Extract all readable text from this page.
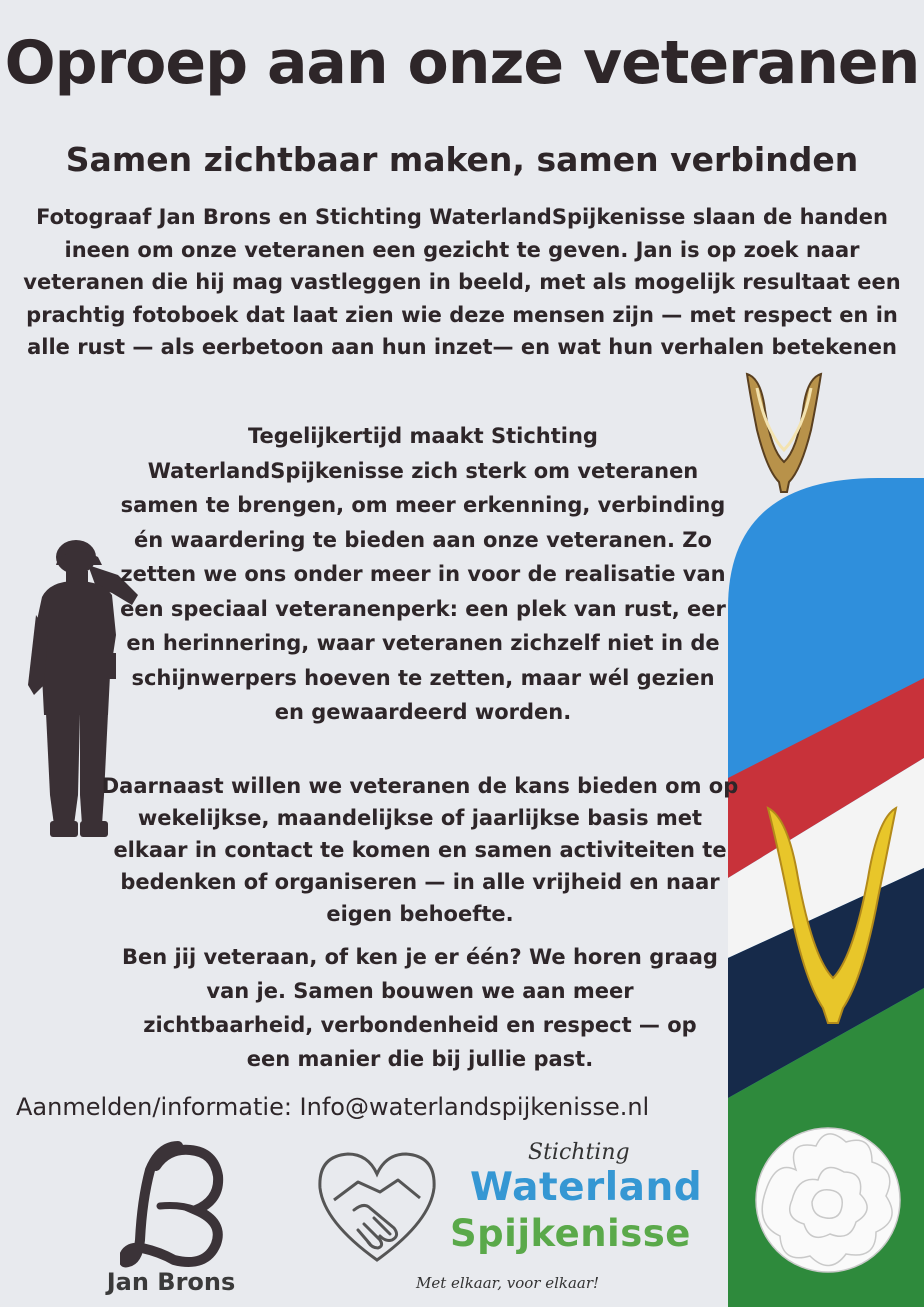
Oproep aan onze veteranen
Samen zichtbaar maken, samen verbinden

Fotograaf Jan Brons en Stichting WaterlandSpijkenisse slaan de handen ineen om onze veteranen een gezicht te geven. Jan is op zoek naar veteranen die hij mag vastleggen in beeld, met als mogelijk resultaat een prachtig fotoboek dat laat zien wie deze mensen zijn — met respect en in alle rust — als eerbetoon aan hun inzet— en wat hun verhalen betekenen

Tegelijkertijd maakt Stichting WaterlandSpijkenisse zich sterk om veteranen samen te brengen, om meer erkenning, verbinding én waardering te bieden aan onze veteranen. Zo zetten we ons onder meer in voor de realisatie van een speciaal veteranenperk: een plek van rust, eer en herinnering, waar veteranen zichzelf niet in de schijnwerpers hoeven te zetten, maar wél gezien en gewaardeerd worden.

Daarnaast willen we veteranen de kans bieden om op wekelijkse, maandelijkse of jaarlijkse basis met elkaar in contact te komen en samen activiteiten te bedenken of organiseren — in alle vrijheid en naar eigen behoefte.

Ben jij veteraan, of ken je er één? We horen graag van je. Samen bouwen we aan meer zichtbaarheid, verbondenheid en respect — op een manier die bij jullie past.

Aanmelden/informatie: Info@waterlandspijkenisse.nl
Jan Brons
Stichting
Waterland
Spijkenisse
Met elkaar, voor elkaar!
